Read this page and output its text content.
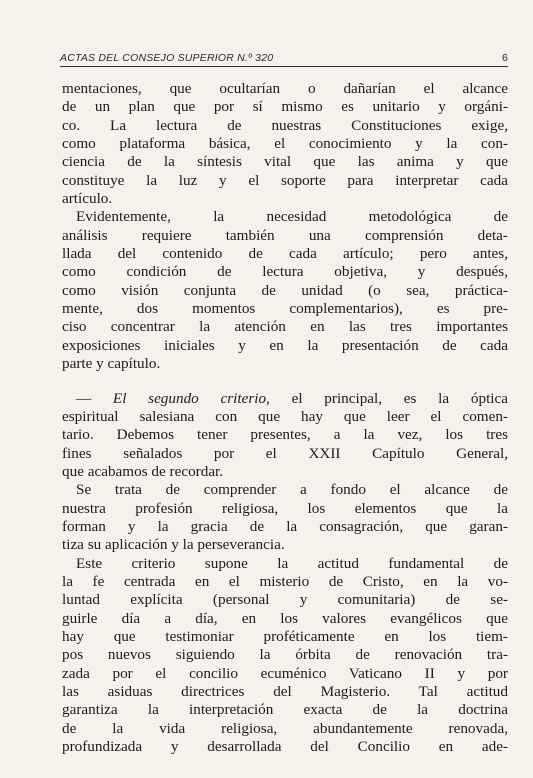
ACTAS DEL CONSEJO SUPERIOR N.º 320	6
mentaciones, que ocultarían o dañarían el alcance
de un plan que por sí mismo es unitario y orgáni-
co. La lectura de nuestras Constituciones exige,
como plataforma básica, el conocimiento y la con-
ciencia de la síntesis vital que las anima y que
constituye la luz y el soporte para interpretar cada
artículo.
Evidentemente, la necesidad metodológica de
análisis requiere también una comprensión deta-
llada del contenido de cada artículo; pero antes,
como condición de lectura objetiva, y después,
como visión conjunta de unidad (o sea, prácticа-
mente, dos momentos complementarios), es pre-
ciso concentrar la atención en las tres importantes
exposiciones iniciales y en la presentación de cada
parte y capítulo.
— El segundo criterio, el principal, es la óptica
espiritual salesiana con que hay que leer el comen-
tario. Debemos tener presentes, a la vez, los tres
fines señalados por el XXII Capítulo General,
que acabamos de recordar.
Se trata de comprender a fondo el alcance de
nuestra profesión religiosa, los elementos que la
forman y la gracia de la consagración, que garan-
tiza su aplicación y la perseverancia.
Este criterio supone la actitud fundamental de
la fe centrada en el misterio de Cristo, en la vo-
luntad explícita (personal y comunitaria) de se-
guirle día a día, en los valores evangélicos que
hay que testimoniar proféticamente en los tiem-
pos nuevos siguiendo la órbita de renovación tra-
zada por el concilio ecuménico Vaticano II y por
las asiduas directrices del Magisterio. Tal actitud
garantiza la interpretación exacta de la doctrina
de la vida religiosa, abundantemente renovada,
profundizada y desarrollada del Concilio en ade-
